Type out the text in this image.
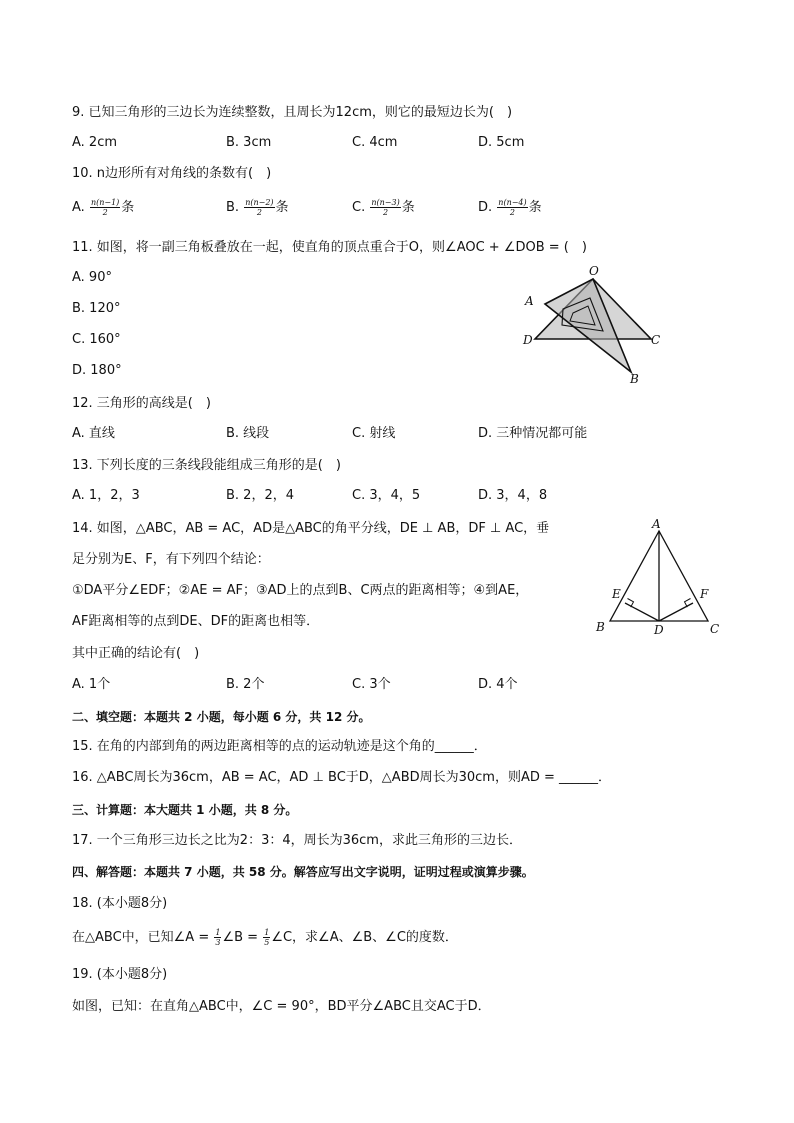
9. 已知三角形的三边长为连续整数，且周长为12cm，则它的最短边长为(　)
A. 2cm	B. 3cm	C. 4cm	D. 5cm
10. n边形所有对角线的条数有(　)
A. $\frac{n(n-1)}{2}$ 条	B. $\frac{n(n-2)}{2}$ 条	C. $\frac{n(n-3)}{2}$ 条	D. $\frac{n(n-4)}{2}$ 条
11. 如图，将一副三角板叠放在一起，使直角的顶点重合于O，则∠AOC + ∠DOB = (　)
A. 90°
B. 120°
C. 160°
D. 180°
O
A
D	C
B
12. 三角形的高线是(　)
A. 直线	B. 线段	C. 射线	D. 三种情况都可能
13. 下列长度的三条线段能组成三角形的是(　)
A. 1，2，3	B. 2，2，4	C. 3，4，5	D. 3，4，8
14. 如图，△ABC，AB = AC，AD是△ABC的角平分线，DE ⊥ AB，DF ⊥ AC，垂
足分别为E、F，有下列四个结论：
①DA平分∠EDF；②AE = AF；③AD上的点到B、C两点的距离相等；④到AE，
AF距离相等的点到DE、DF的距离也相等．
其中正确的结论有(　)
A. 1个	B. 2个	C. 3个	D. 4个
A
E	F
B	D	C
二、填空题：本题共 2 小题，每小题 6 分，共 12 分。
15. 在角的内部到角的两边距离相等的点的运动轨迹是这个角的______．
16. △ABC周长为36cm，AB = AC，AD ⊥ BC于D，△ABD周长为30cm，则AD = ______．
三、计算题：本大题共 1 小题，共 8 分。
17. 一个三角形三边长之比为2：3：4，周长为36cm，求此三角形的三边长．
四、解答题：本题共 7 小题，共 58 分。解答应写出文字说明，证明过程或演算步骤。
18. (本小题8分)
在△ABC中，已知∠A = $\frac{1}{3}$ ∠B = $\frac{1}{5}$ ∠C，求∠A、∠B、∠C的度数．
19. (本小题8分)
如图，已知：在直角△ABC中，∠C = 90°，BD平分∠ABC且交AC于D．
